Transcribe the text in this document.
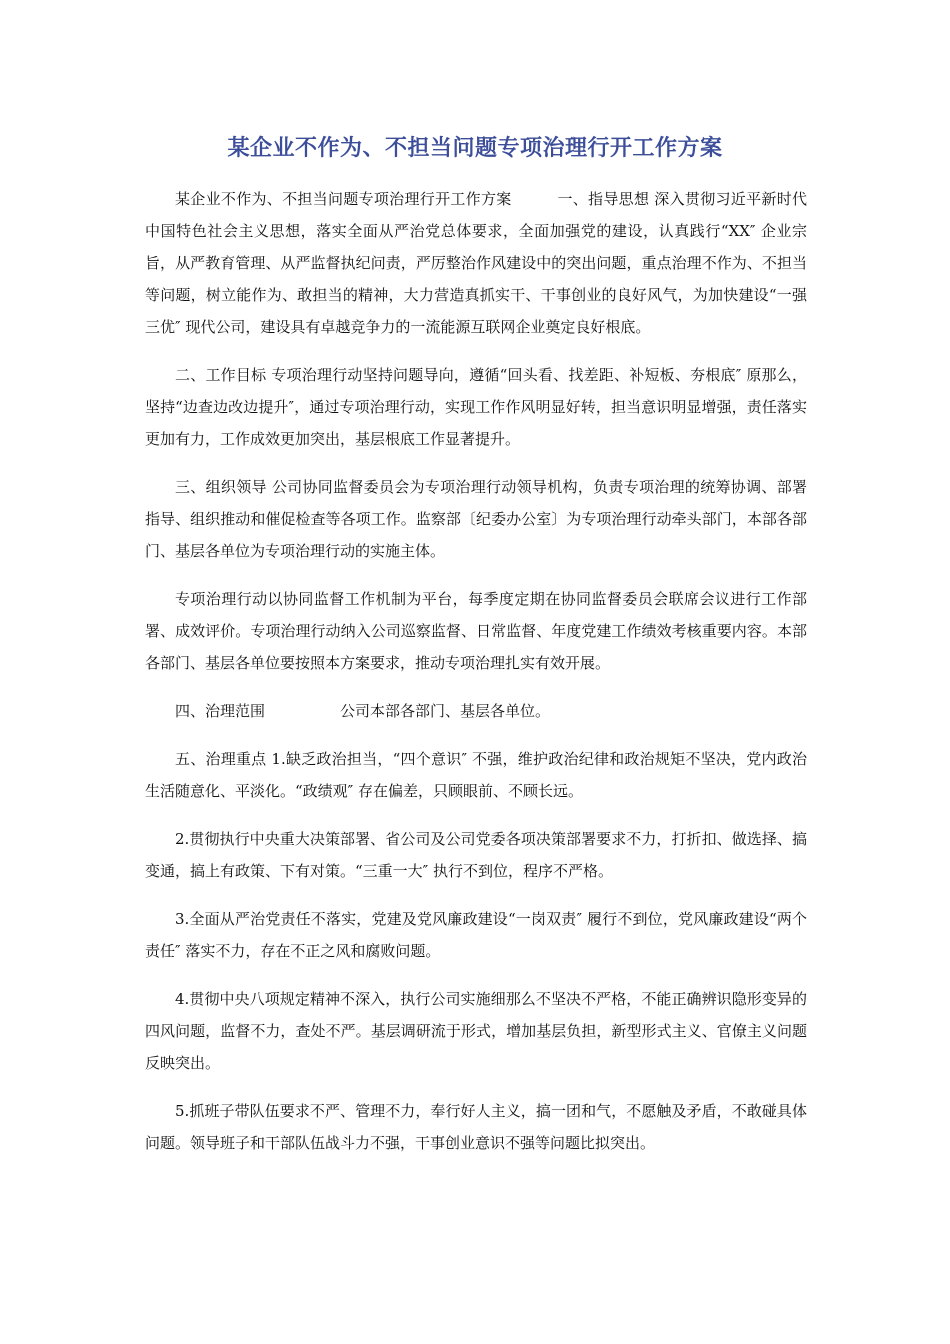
某企业不作为、不担当问题专项治理行开工作方案

某企业不作为、不担当问题专项治理行开工作方案　　　一、指导思想 深入贯彻习近平新时代中国特色社会主义思想，落实全面从严治党总体要求，全面加强党的建设，认真践行“XX″ 企业宗旨，从严教育管理、从严监督执纪问责，严厉整治作风建设中的突出问题，重点治理不作为、不担当等问题，树立能作为、敢担当的精神，大力营造真抓实干、干事创业的良好风气，为加快建设“一强三优″ 现代公司，建设具有卓越竞争力的一流能源互联网企业奠定良好根底。

二、工作目标 专项治理行动坚持问题导向，遵循“回头看、找差距、补短板、夯根底″ 原那么，坚持“边查边改边提升″，通过专项治理行动，实现工作作风明显好转，担当意识明显增强，责任落实更加有力，工作成效更加突出，基层根底工作显著提升。

三、组织领导 公司协同监督委员会为专项治理行动领导机构，负责专项治理的统筹协调、部署指导、组织推动和催促检查等各项工作。监察部〔纪委办公室〕为专项治理行动牵头部门，本部各部门、基层各单位为专项治理行动的实施主体。

专项治理行动以协同监督工作机制为平台，每季度定期在协同监督委员会联席会议进行工作部署、成效评价。专项治理行动纳入公司巡察监督、日常监督、年度党建工作绩效考核重要内容。本部各部门、基层各单位要按照本方案要求，推动专项治理扎实有效开展。

四、治理范围　　　　　公司本部各部门、基层各单位。

五、治理重点 1.缺乏政治担当，“四个意识″ 不强，维护政治纪律和政治规矩不坚决，党内政治生活随意化、平淡化。“政绩观″ 存在偏差，只顾眼前、不顾长远。

2.贯彻执行中央重大决策部署、省公司及公司党委各项决策部署要求不力，打折扣、做选择、搞变通，搞上有政策、下有对策。“三重一大″ 执行不到位，程序不严格。

3.全面从严治党责任不落实，党建及党风廉政建设“一岗双责″ 履行不到位，党风廉政建设“两个责任″ 落实不力，存在不正之风和腐败问题。

4.贯彻中央八项规定精神不深入，执行公司实施细那么不坚决不严格，不能正确辨识隐形变异的四风问题，监督不力，查处不严。基层调研流于形式，增加基层负担，新型形式主义、官僚主义问题反映突出。

5.抓班子带队伍要求不严、管理不力，奉行好人主义，搞一团和气，不愿触及矛盾，不敢碰具体问题。领导班子和干部队伍战斗力不强，干事创业意识不强等问题比拟突出。
